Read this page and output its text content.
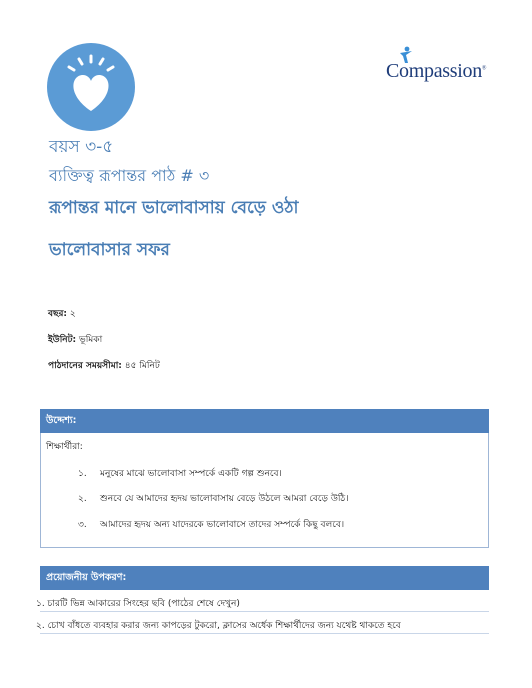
Compassion®
বয়স ৩-৫
ব্যক্তিত্ব রূপান্তর পাঠ # ৩
রূপান্তর মানে ভালোবাসায় বেড়ে ওঠা
ভালোবাসার সফর
বছর: ২
ইউনিট: ভূমিকা
পাঠদানের সময়সীমা: ৪৫ মিনিট
উদ্দেশ্য:
শিক্ষার্থীরা:
১. মনুষের মাঝে ভালোবাসা সম্পর্কে একটি গল্প শুনবে।
২. শুনবে যে আমাদের হৃদয় ভালোবাসায় বেড়ে উঠলে আমরা বেড়ে উঠি।
৩. আমাদের হৃদয় অন্য যাদেরকে ভালোবাসে তাদের সম্পর্কে কিছু বলবে।
প্রয়োজনীয় উপকরণ:
১. চারটি ভিন্ন আকারের সিংহের ছবি (পাঠের শেষে দেখুন)
২. চোখ বাঁধতে ব্যবহার করার জন্য কাপড়ের টুকরো, ক্লাসের অর্ধেক শিক্ষার্থীদের জন্য যথেষ্ট থাকতে হবে
